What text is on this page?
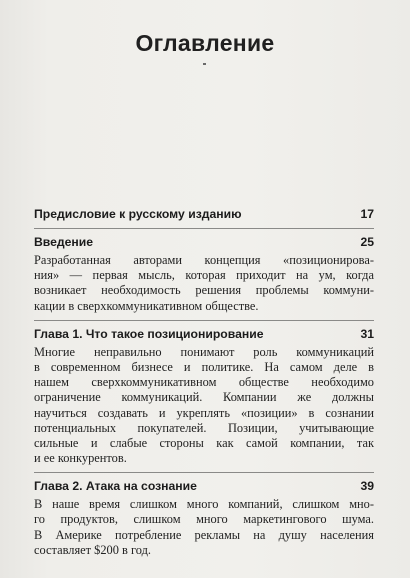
Оглавление
Предисловие к русскому изданию	17
Введение	25
Разработанная авторами концепция «позиционирова-
ния» — первая мысль, которая приходит на ум, когда
возникает необходимость решения проблемы коммуни-
кации в сверхкоммуникативном обществе.
Глава 1. Что такое позиционирование	31
Многие неправильно понимают роль коммуникаций
в современном бизнесе и политике. На самом деле в
нашем сверхкоммуникативном обществе необходимо
ограничение коммуникаций. Компании же должны
научиться создавать и укреплять «позиции» в сознании
потенциальных покупателей. Позиции, учитывающие
сильные и слабые стороны как самой компании, так
и ее конкурентов.
Глава 2. Атака на сознание	39
В наше время слишком много компаний, слишком мно-
го продуктов, слишком много маркетингового шума.
В Америке потребление рекламы на душу населения
составляет $200 в год.
